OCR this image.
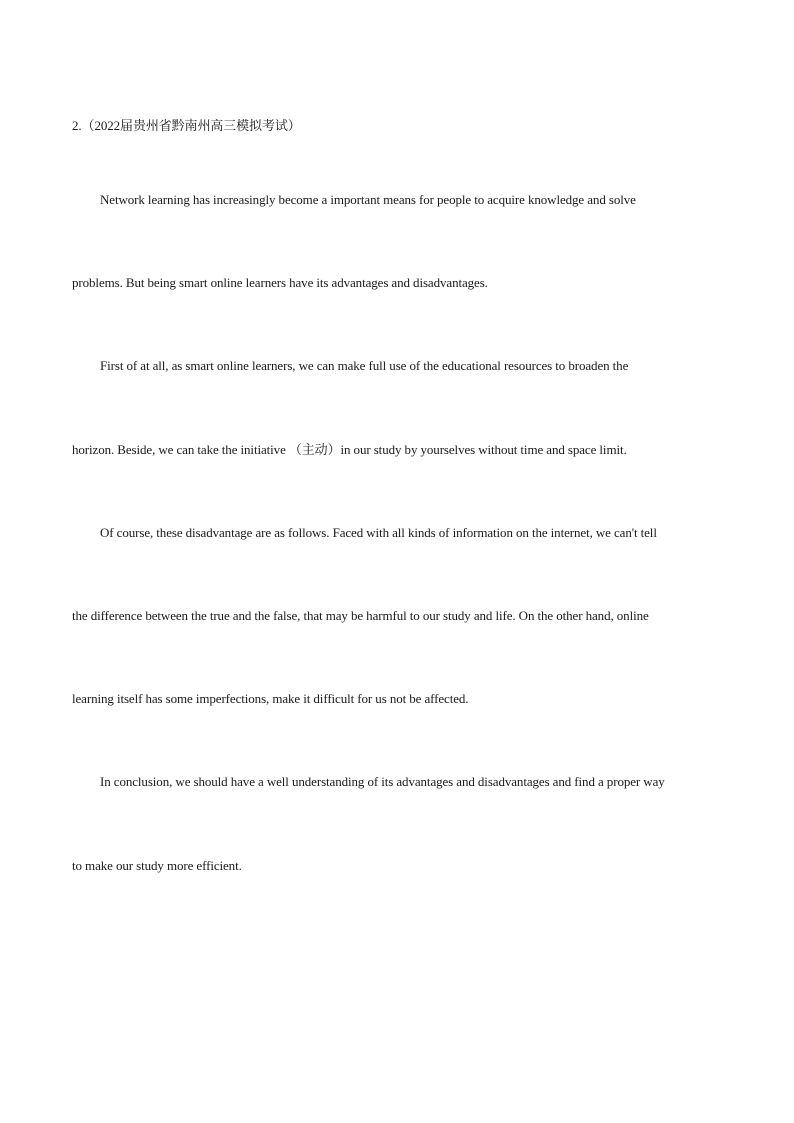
2.（2022届贵州省黔南州高三模拟考试）
Network learning has increasingly become a important means for people to acquire knowledge and solve
problems. But being smart online learners have its advantages and disadvantages.
First of at all, as smart online learners, we can make full use of the educational resources to broaden the
horizon. Beside, we can take the initiative （主动）in our study by yourselves without time and space limit.
Of course, these disadvantage are as follows. Faced with all kinds of information on the internet, we can't tell
the difference between the true and the false, that may be harmful to our study and life. On the other hand, online
learning itself has some imperfections, make it difficult for us not be affected.
In conclusion, we should have a well understanding of its advantages and disadvantages and find a proper way
to make our study more efficient.
